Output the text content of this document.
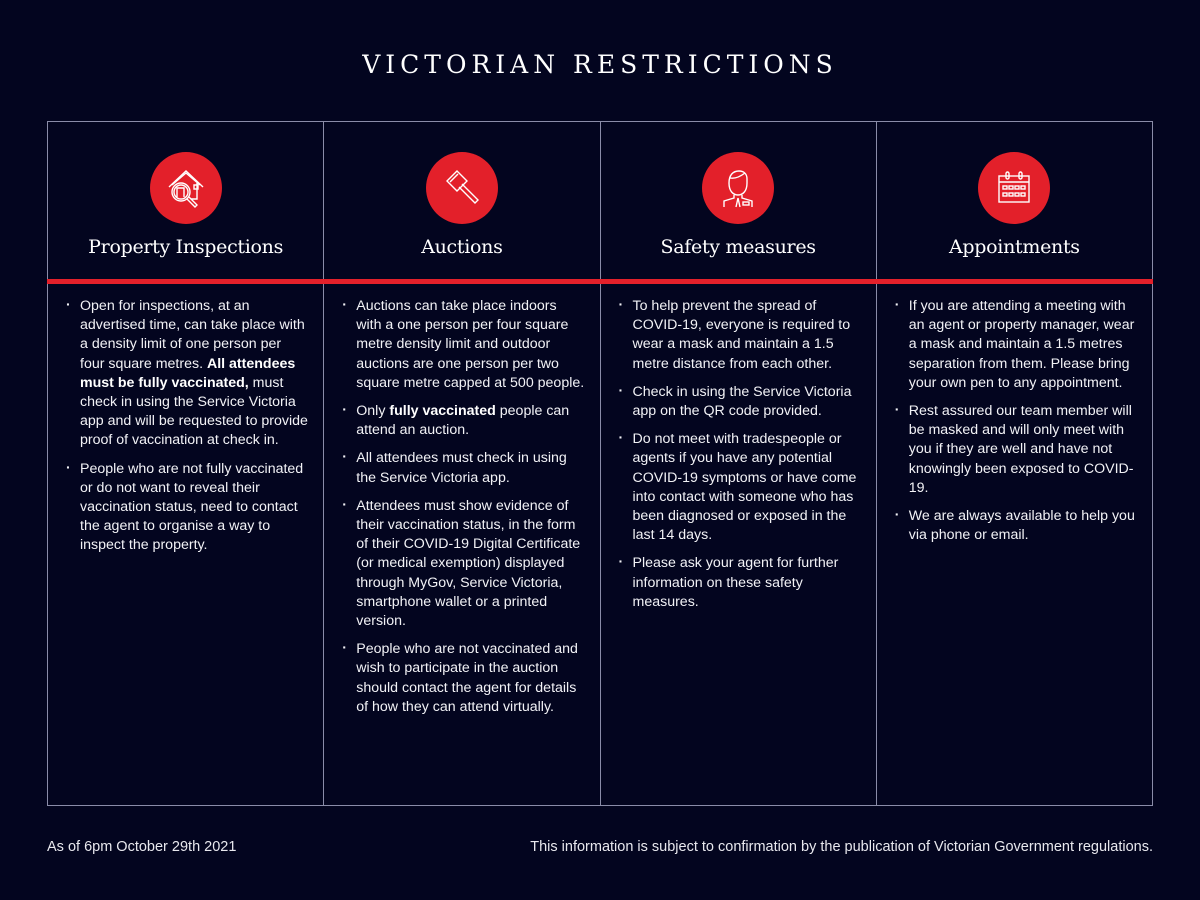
VICTORIAN RESTRICTIONS
Property Inspections
· Open for inspections, at an advertised time, can take place with a density limit of one person per four square metres. All attendees must be fully vaccinated, must check in using the Service Victoria app and will be requested to provide proof of vaccination at check in.
· People who are not fully vaccinated or do not want to reveal their vaccination status, need to contact the agent to organise a way to inspect the property.
Auctions
· Auctions can take place indoors with a one person per four square metre density limit and outdoor auctions are one person per two square metre capped at 500 people.
· Only fully vaccinated people can attend an auction.
· All attendees must check in using the Service Victoria app.
· Attendees must show evidence of their vaccination status, in the form of their COVID-19 Digital Certificate (or medical exemption) displayed through MyGov, Service Victoria, smartphone wallet or a printed version.
· People who are not vaccinated and wish to participate in the auction should contact the agent for details of how they can attend virtually.
Safety measures
· To help prevent the spread of COVID-19, everyone is required to wear a mask and maintain a 1.5 metre distance from each other.
· Check in using the Service Victoria app on the QR code provided.
· Do not meet with tradespeople or agents if you have any potential COVID-19 symptoms or have come into contact with someone who has been diagnosed or exposed in the last 14 days.
· Please ask your agent for further information on these safety measures.
Appointments
· If you are attending a meeting with an agent or property manager, wear a mask and maintain a 1.5 metres separation from them. Please bring your own pen to any appointment.
· Rest assured our team member will be masked and will only meet with you if they are well and have not knowingly been exposed to COVID-19.
· We are always available to help you via phone or email.
As of 6pm October 29th 2021	This information is subject to confirmation by the publication of Victorian Government regulations.
